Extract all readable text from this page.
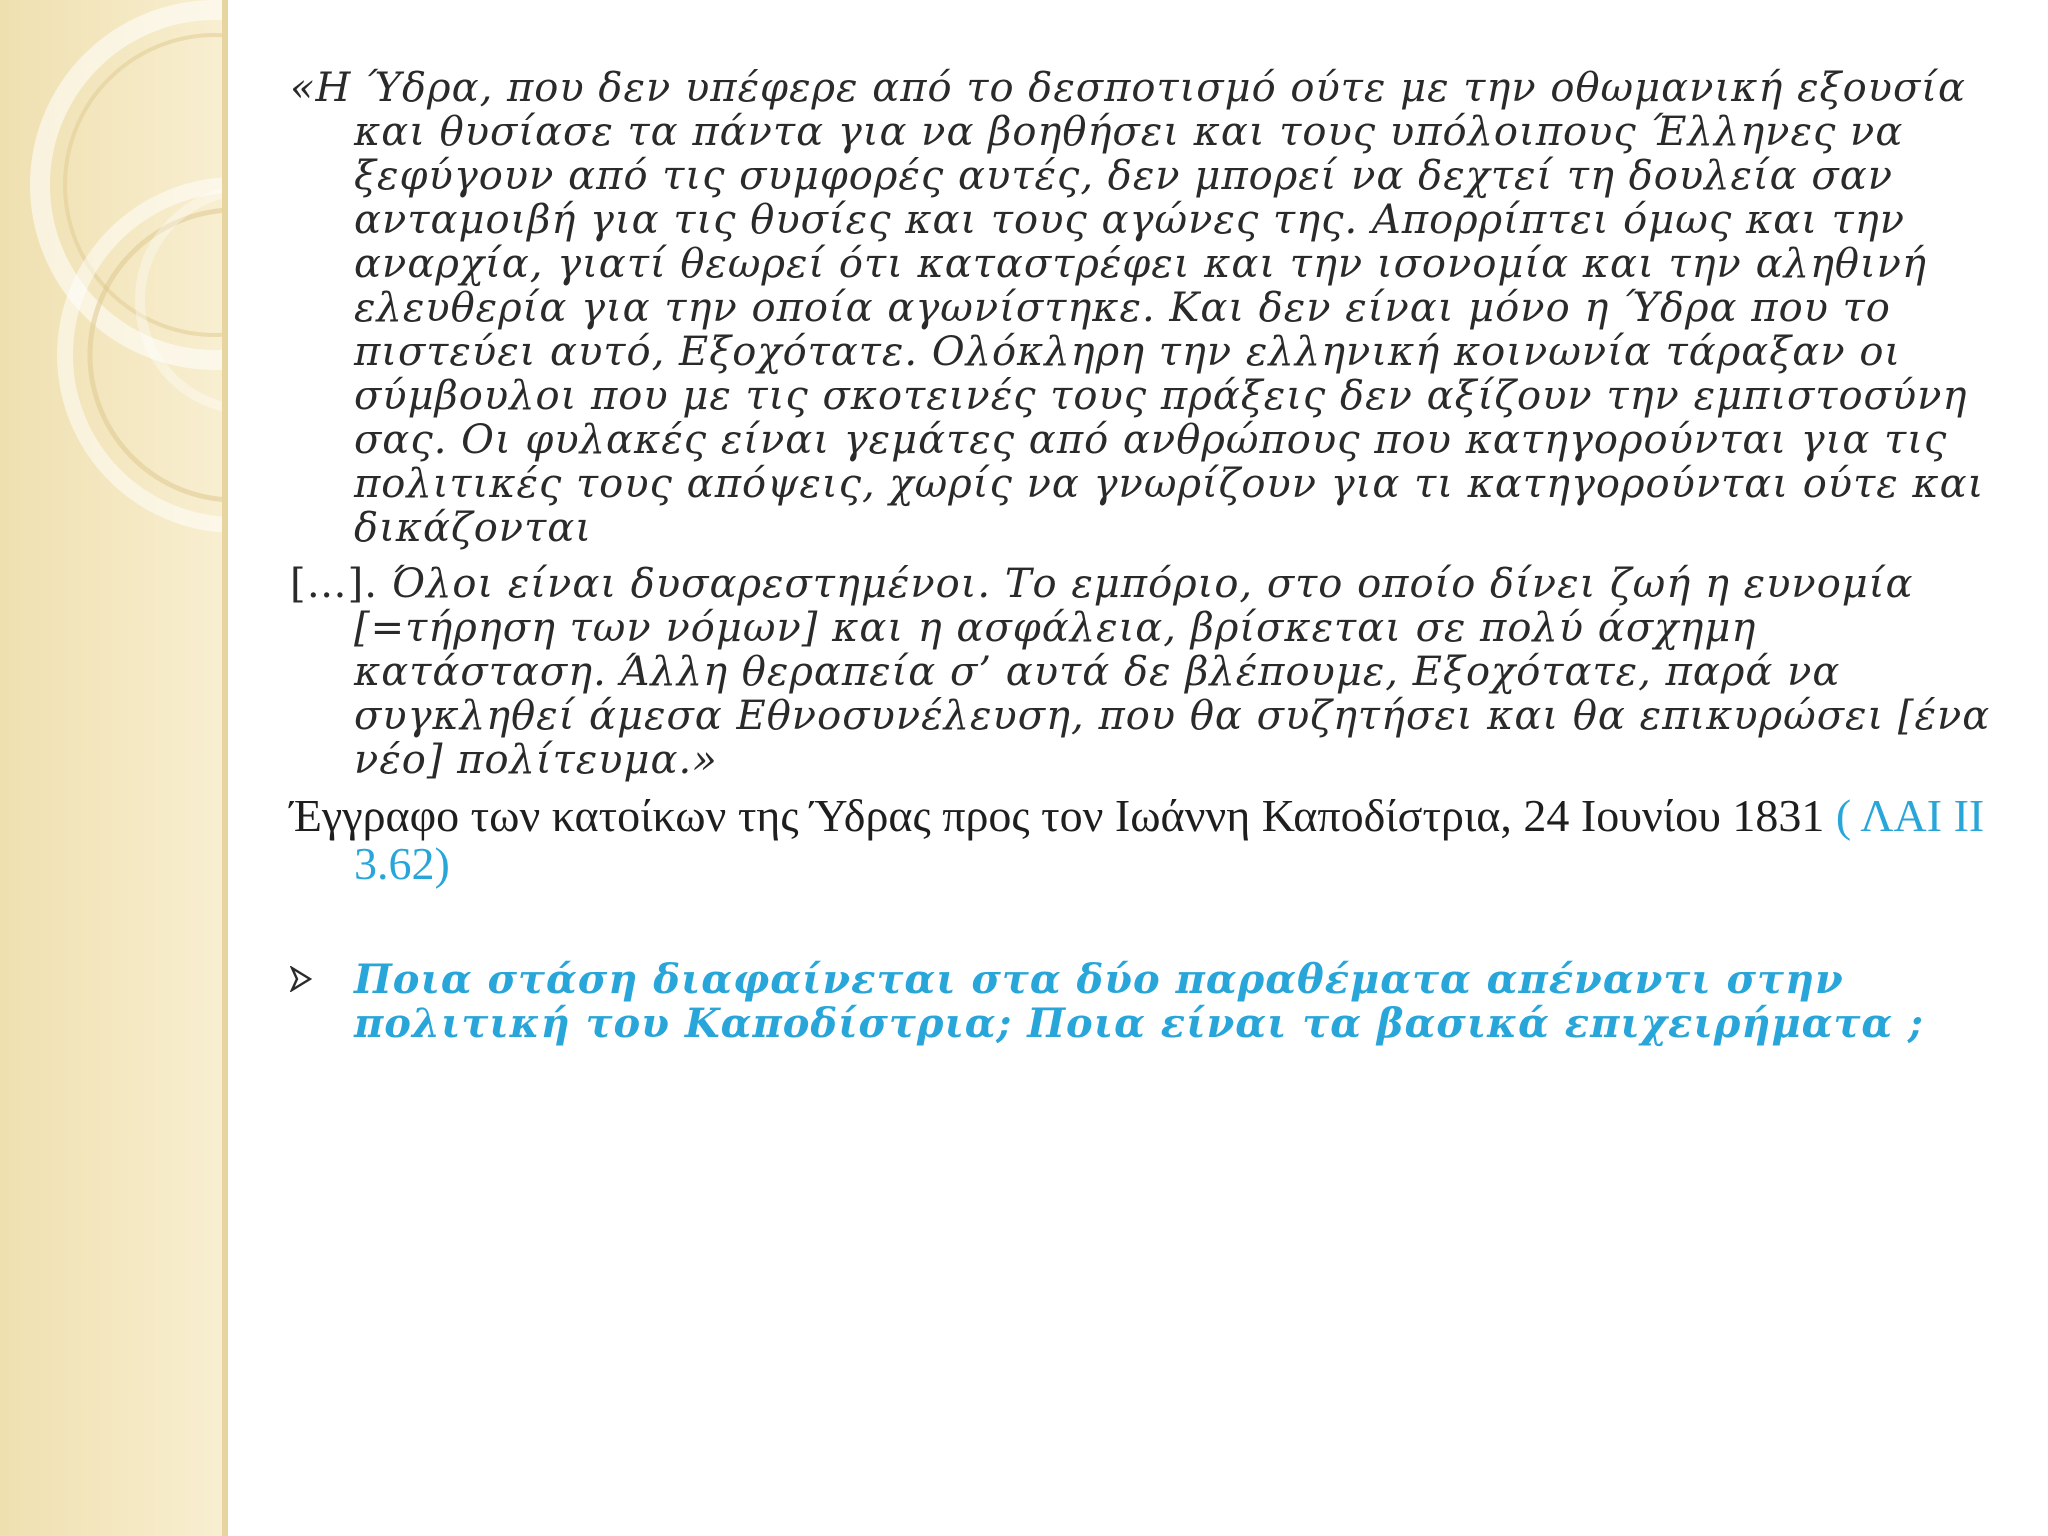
«Η Ύδρα, που δεν υπέφερε από το δεσποτισμό ούτε με την οθωμανική εξουσία και θυσίασε τα πάντα για να βοηθήσει και τους υπόλοιπους Έλληνες να ξεφύγουν από τις συμφορές αυτές, δεν μπορεί να δεχτεί τη δουλεία σαν ανταμοιβή για τις θυσίες και τους αγώνες της. Απορρίπτει όμως και την αναρχία, γιατί θεωρεί ότι καταστρέφει και την ισονομία και την αληθινή ελευθερία για την οποία αγωνίστηκε. Και δεν είναι μόνο η Ύδρα που το πιστεύει αυτό, Εξοχότατε. Ολόκληρη την ελληνική κοινωνία τάραξαν οι σύμβουλοι που με τις σκοτεινές τους πράξεις δεν αξίζουν την εμπιστοσύνη σας. Οι φυλακές είναι γεμάτες από ανθρώπους που κατηγορούνται για τις πολιτικές τους απόψεις, χωρίς να γνωρίζουν για τι κατηγορούνται ούτε και δικάζονται

[…]. Όλοι είναι δυσαρεστημένοι. Το εμπόριο, στο οποίο δίνει ζωή η ευνομία [=τήρηση των νόμων] και η ασφάλεια, βρίσκεται σε πολύ άσχημη κατάσταση. Άλλη θεραπεία σ’ αυτά δε βλέπουμε, Εξοχότατε, παρά να συγκληθεί άμεσα Εθνοσυνέλευση, που θα συζητήσει και θα επικυρώσει [ένα νέο] πολίτευμα.»

Έγγραφο των κατοίκων της Ύδρας προς τον Ιωάννη Καποδίστρια, 24 Ιουνίου 1831 ( ΛΑΙ ΙΙ 3.62)

Ποια στάση διαφαίνεται στα δύο παραθέματα απέναντι στην πολιτική του Καποδίστρια; Ποια είναι τα βασικά επιχειρήματα ;
